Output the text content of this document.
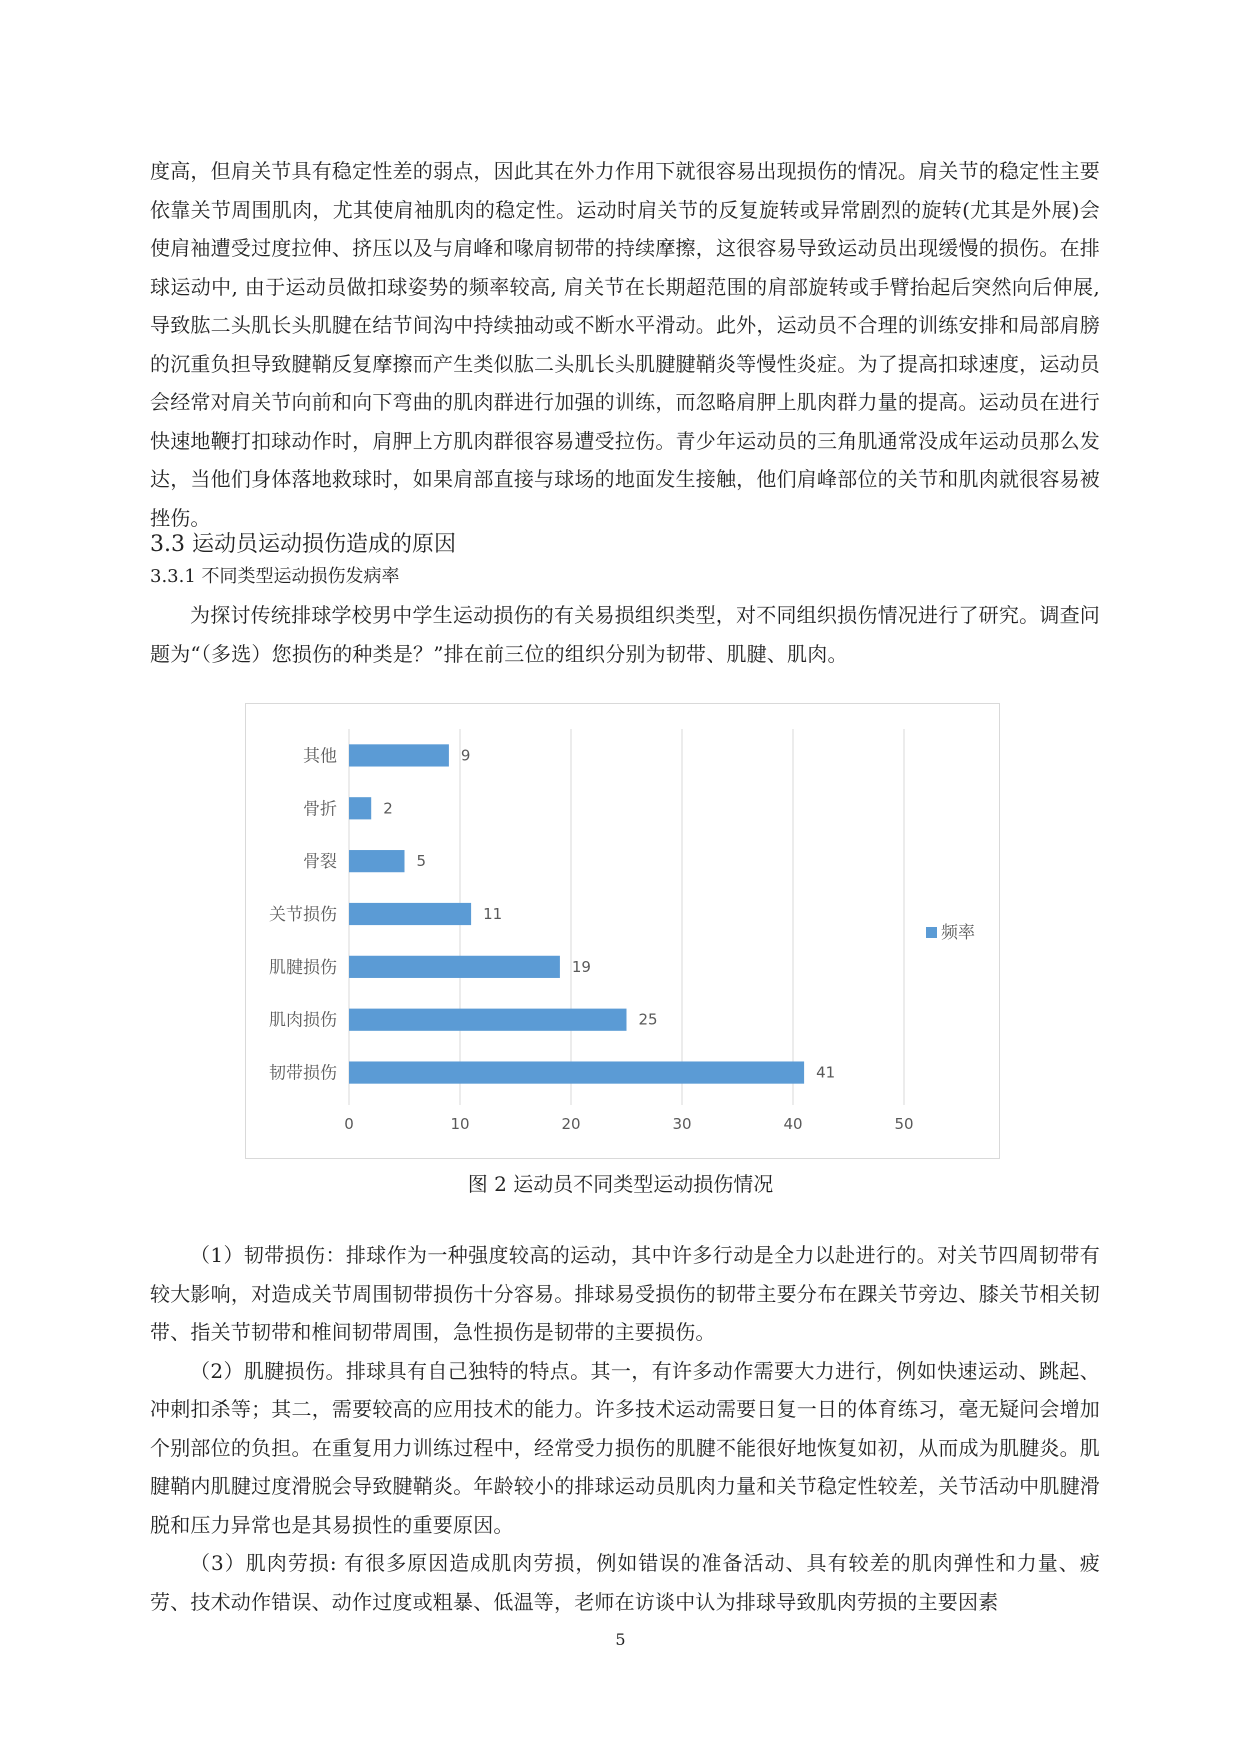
度高，但肩关节具有稳定性差的弱点，因此其在外力作用下就很容易出现损伤的情况。肩关节的稳定性主要依靠关节周围肌肉，尤其使肩袖肌肉的稳定性。运动时肩关节的反复旋转或异常剧烈的旋转(尤其是外展)会使肩袖遭受过度拉伸、挤压以及与肩峰和喙肩韧带的持续摩擦，这很容易导致运动员出现缓慢的损伤。在排球运动中, 由于运动员做扣球姿势的频率较高, 肩关节在长期超范围的肩部旋转或手臂抬起后突然向后伸展, 导致肱二头肌长头肌腱在结节间沟中持续抽动或不断水平滑动。此外，运动员不合理的训练安排和局部肩膀的沉重负担导致腱鞘反复摩擦而产生类似肱二头肌长头肌腱腱鞘炎等慢性炎症。为了提高扣球速度，运动员会经常对肩关节向前和向下弯曲的肌肉群进行加强的训练，而忽略肩胛上肌肉群力量的提高。运动员在进行快速地鞭打扣球动作时，肩胛上方肌肉群很容易遭受拉伤。青少年运动员的三角肌通常没成年运动员那么发达，当他们身体落地救球时，如果肩部直接与球场的地面发生接触，他们肩峰部位的关节和肌肉就很容易被挫伤。
3.3 运动员运动损伤造成的原因
3.3.1 不同类型运动损伤发病率
为探讨传统排球学校男中学生运动损伤的有关易损组织类型，对不同组织损伤情况进行了研究。调查问题为“（多选）您损伤的种类是？”排在前三位的组织分别为韧带、肌腱、肌肉。
0	10	20	30	40	50
其他	9
骨折	2
骨裂	5
关节损伤	11
肌腱损伤	19
肌肉损伤	25
韧带损伤	41
频率
图 2 运动员不同类型运动损伤情况
（1）韧带损伤：排球作为一种强度较高的运动，其中许多行动是全力以赴进行的。对关节四周韧带有较大影响，对造成关节周围韧带损伤十分容易。排球易受损伤的韧带主要分布在踝关节旁边、膝关节相关韧带、指关节韧带和椎间韧带周围，急性损伤是韧带的主要损伤。
（2）肌腱损伤。排球具有自己独特的特点。其一，有许多动作需要大力进行，例如快速运动、跳起、冲刺扣杀等；其二，需要较高的应用技术的能力。许多技术运动需要日复一日的体育练习，毫无疑问会增加个别部位的负担。在重复用力训练过程中，经常受力损伤的肌腱不能很好地恢复如初，从而成为肌腱炎。肌腱鞘内肌腱过度滑脱会导致腱鞘炎。年龄较小的排球运动员肌肉力量和关节稳定性较差，关节活动中肌腱滑脱和压力异常也是其易损性的重要原因。
（3）肌肉劳损: 有很多原因造成肌肉劳损，例如错误的准备活动、具有较差的肌肉弹性和力量、疲劳、技术动作错误、动作过度或粗暴、低温等，老师在访谈中认为排球导致肌肉劳损的主要因素
5
